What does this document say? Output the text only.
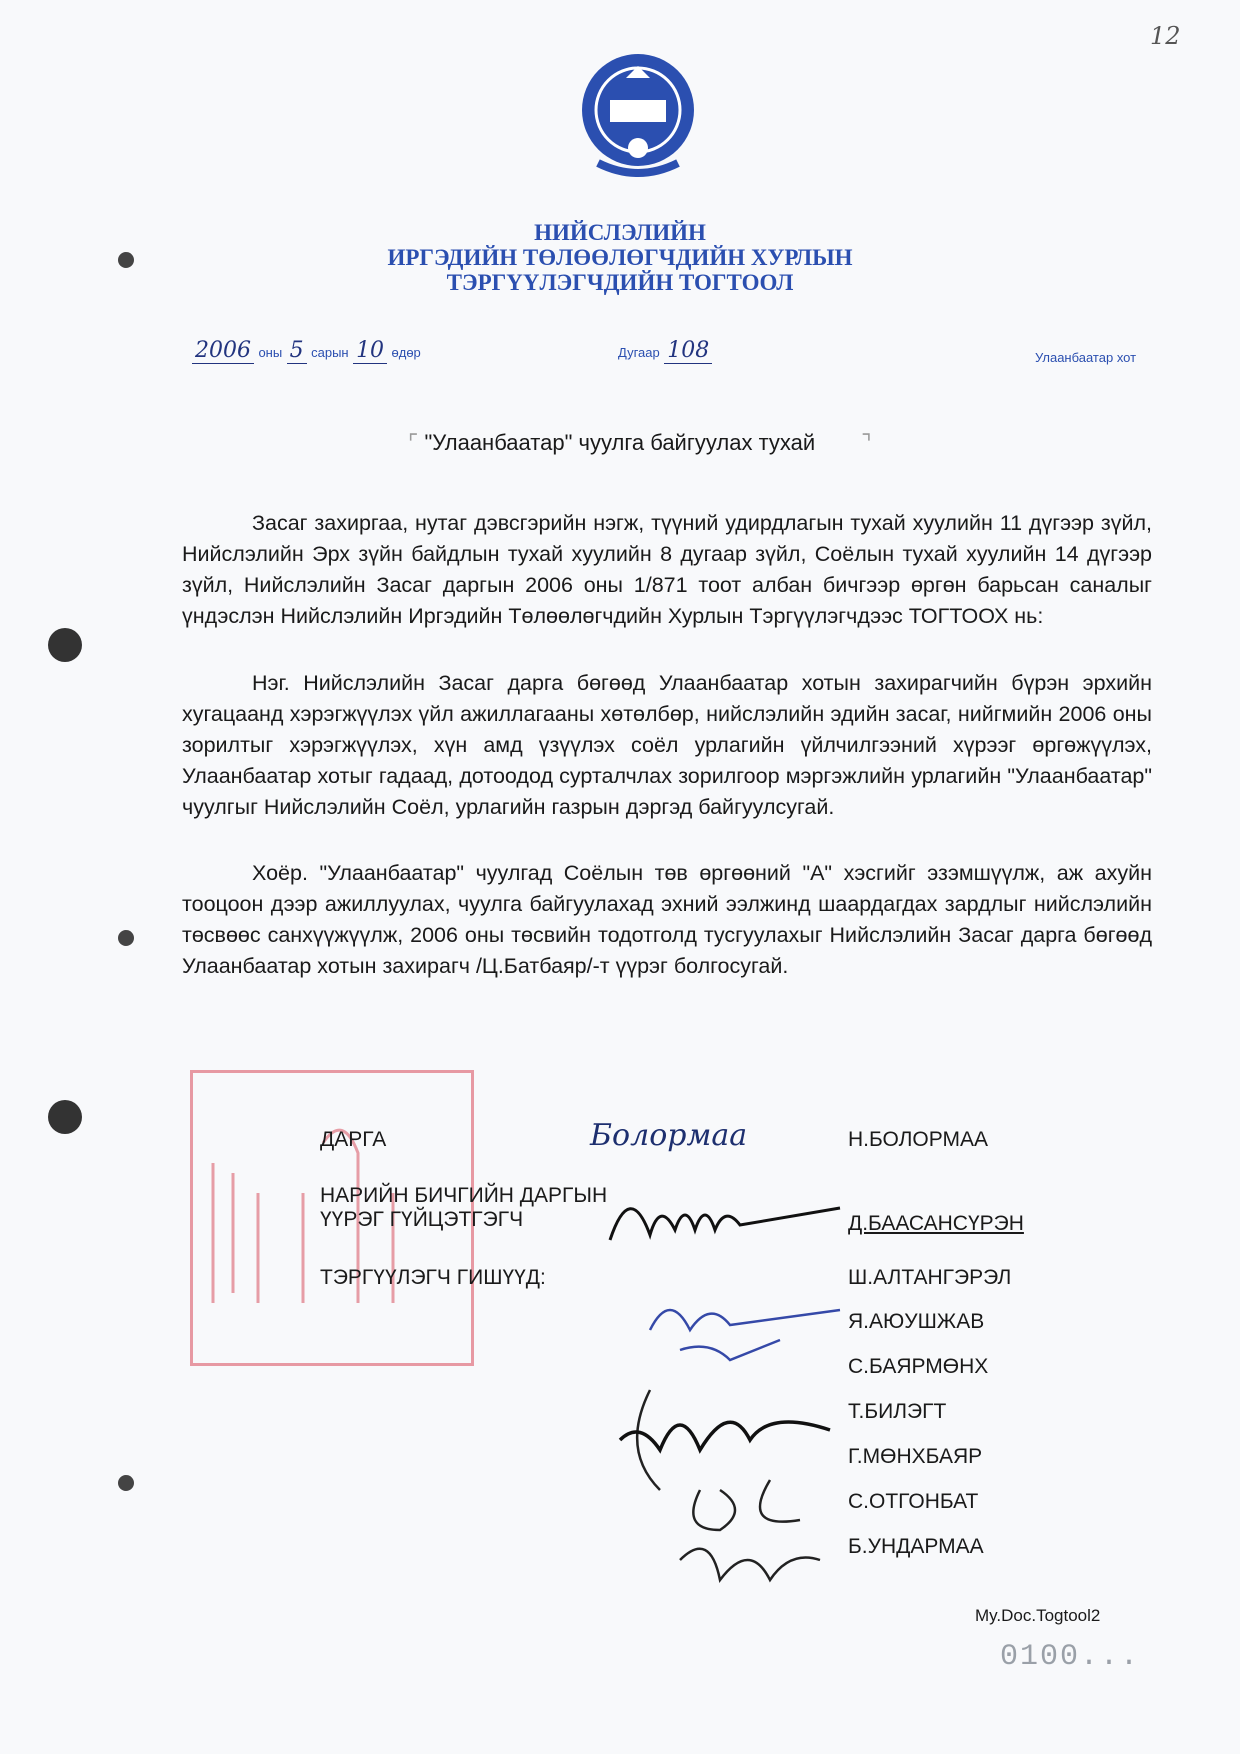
12
НИЙСЛЭЛИЙН
ИРГЭДИЙН ТӨЛӨӨЛӨГЧДИЙН ХУРЛЫН
ТЭРГҮҮЛЭГЧДИЙН ТОГТООЛ
2006 оны 5 сарын 10 өдөр	Дугаар 108	Улаанбаатар хот
⌜ "Улаанбаатар" чуулга байгуулах тухай ⌝
Засаг захиргаа, нутаг дэвсгэрийн нэгж, түүний удирдлагын тухай хуулийн 11 дүгээр зүйл, Нийслэлийн Эрх зүйн байдлын тухай хуулийн 8 дугаар зүйл, Соёлын тухай хуулийн 14 дүгээр зүйл, Нийслэлийн Засаг даргын 2006 оны 1/871 тоот албан бичгээр өргөн барьсан саналыг үндэслэн Нийслэлийн Иргэдийн Төлөөлөгчдийн Хурлын Тэргүүлэгчдээс ТОГТООХ нь:
Нэг. Нийслэлийн Засаг дарга бөгөөд Улаанбаатар хотын захирагчийн бүрэн эрхийн хугацаанд хэрэгжүүлэх үйл ажиллагааны хөтөлбөр, нийслэлийн эдийн засаг, нийгмийн 2006 оны зорилтыг хэрэгжүүлэх, хүн амд үзүүлэх соёл урлагийн үйлчилгээний хүрээг өргөжүүлэх, Улаанбаатар хотыг гадаад, дотоодод сурталчлах зорилгоор мэргэжлийн урлагийн "Улаанбаатар" чуулгыг Нийслэлийн Соёл, урлагийн газрын дэргэд байгуулсугай.
Хоёр. "Улаанбаатар" чуулгад Соёлын төв өргөөний "А" хэсгийг эзэмшүүлж, аж ахуйн тооцоон дээр ажиллуулах, чуулга байгуулахад эхний ээлжинд шаардагдах зардлыг нийслэлийн төсвөөс санхүүжүүлж, 2006 оны төсвийн тодотголд тусгуулахыг Нийслэлийн Засаг дарга бөгөөд Улаанбаатар хотын захирагч /Ц.Батбаяр/-т үүрэг болгосугай.
ДАРГА	Болормаа	Н.БОЛОРМАА
НАРИЙН БИЧГИЙН ДАРГЫН
ҮҮРЭГ ГҮЙЦЭТГЭГЧ	Д.БААСАНСҮРЭН
ТЭРГҮҮЛЭГЧ ГИШҮҮД:	Ш.АЛТАНГЭРЭЛ
Я.АЮУШЖАВ
С.БАЯРМӨНХ
Т.БИЛЭГТ
Г.МӨНХБАЯР
С.ОТГОНБАТ
Б.УНДАРМАА
My.Doc.Togtool2
0100...
